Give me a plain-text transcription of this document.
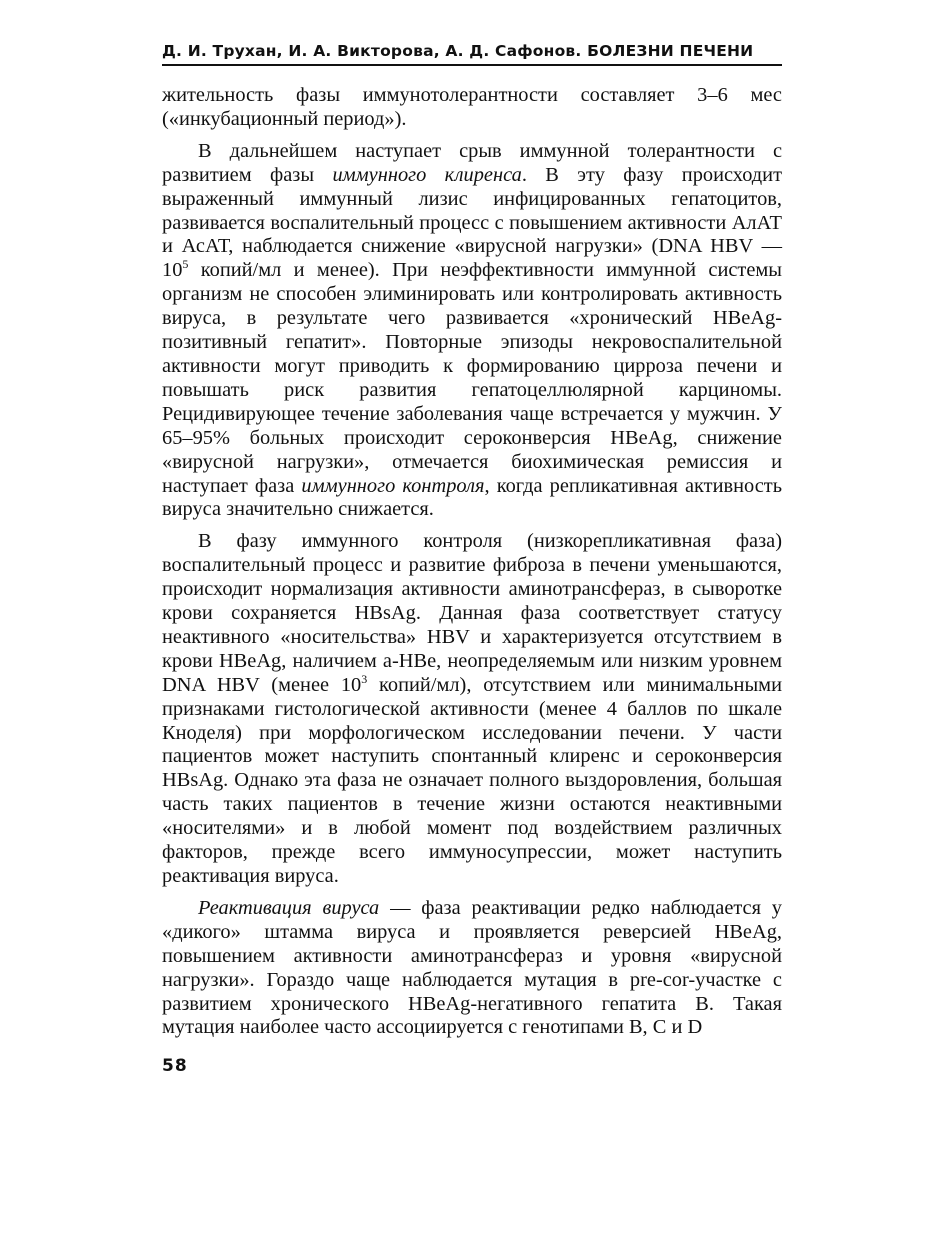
Д. И. Трухан, И. А. Викторова, А. Д. Сафонов. БОЛЕЗНИ ПЕЧЕНИ

жительность фазы иммунотолерантности составляет 3–6 мес («инкубационный период»).

В дальнейшем наступает срыв иммунной толерантности с развитием фазы иммунного клиренса. В эту фазу происходит выраженный иммунный лизис инфицированных гепатоцитов, развивается воспалительный процесс с повышением активности АлАТ и АсАТ, наблюдается снижение «вирусной нагрузки» (DNA HBV — $10^5$ копий/мл и менее). При неэффективности иммунной системы организм не способен элиминировать или контролировать активность вируса, в результате чего развивается «хронический HBeAg-позитивный гепатит». Повторные эпизоды некровоспалительной активности могут приводить к формированию цирроза печени и повышать риск развития гепатоцеллюлярной карциномы. Рецидивирующее течение заболевания чаще встречается у мужчин. У 65–95% больных происходит сероконверсия HBeAg, снижение «вирусной нагрузки», отмечается биохимическая ремиссия и наступает фаза иммунного контроля, когда репликативная активность вируса значительно снижается.

В фазу иммунного контроля (низкорепликативная фаза) воспалительный процесс и развитие фиброза в печени уменьшаются, происходит нормализация активности аминотрансфераз, в сыворотке крови сохраняется HBsAg. Данная фаза соответствует статусу неактивного «носительства» HBV и характеризуется отсутствием в крови HBeAg, наличием a-HBe, неопределяемым или низким уровнем DNA HBV (менее $10^3$ копий/мл), отсутствием или минимальными признаками гистологической активности (менее 4 баллов по шкале Кноделя) при морфологическом исследовании печени. У части пациентов может наступить спонтанный клиренс и сероконверсия HBsAg. Однако эта фаза не означает полного выздоровления, большая часть таких пациентов в течение жизни остаются неактивными «носителями» и в любой момент под воздействием различных факторов, прежде всего иммуносупрессии, может наступить реактивация вируса.

Реактивация вируса — фаза реактивации редко наблюдается у «дикого» штамма вируса и проявляется реверсией HBeAg, повышением активности аминотрансфераз и уровня «вирусной нагрузки». Гораздо чаще наблюдается мутация в pre-cor-участке с развитием хронического HBeAg-негативного гепатита B. Такая мутация наиболее часто ассоциируется с генотипами B, C и D

58
